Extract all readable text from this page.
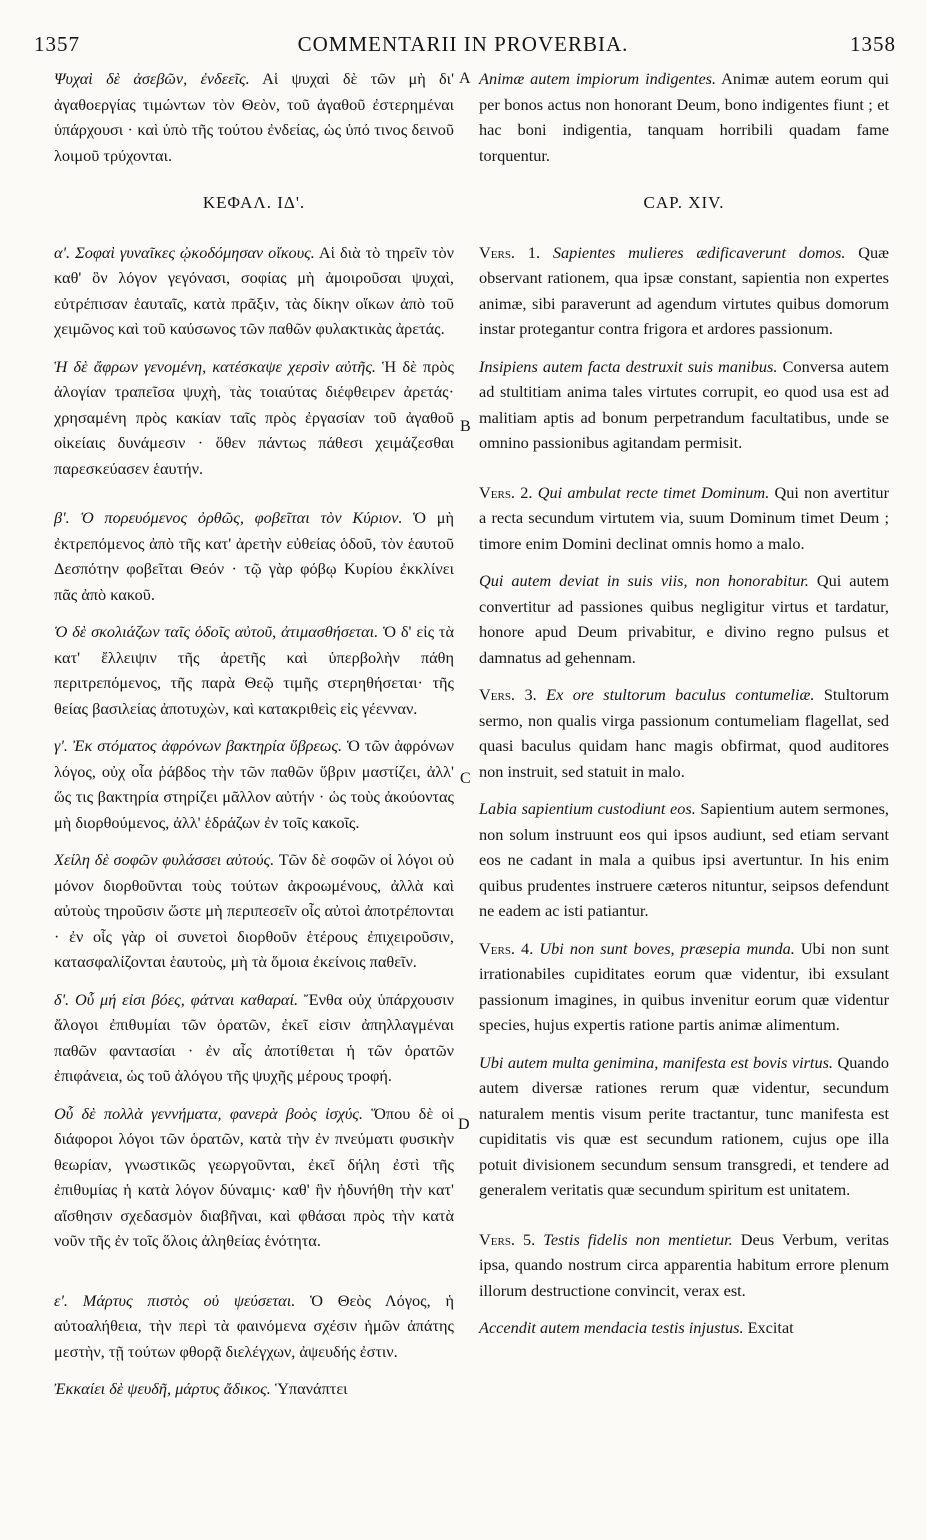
1357	COMMENTARII IN PROVERBIA.	1358
A
B
C
D

Ψυχαὶ δὲ ἀσεβῶν, ἐνδεεῖς. Αἱ ψυχαὶ δὲ τῶν μὴ δι' ἀγαθοεργίας τιμώντων τὸν Θεὸν, τοῦ ἀγαθοῦ ἐστερημέναι ὑπάρχουσι · καὶ ὑπὸ τῆς τούτου ἐνδείας, ὡς ὑπό τινος δεινοῦ λοιμοῦ τρύχονται.

ΚΕΦΑΛ. ΙΔ'.

α'. Σοφαὶ γυναῖκες ᾠκοδόμησαν οἴκους. Αἱ διὰ τὸ τηρεῖν τὸν καθ' ὃν λόγον γεγόνασι, σοφίας μὴ ἀμοιροῦσαι ψυχαὶ, εὐτρέπισαν ἑαυταῖς, κατὰ πρᾶξιν, τὰς δίκην οἴκων ἀπὸ τοῦ χειμῶνος καὶ τοῦ καύσωνος τῶν παθῶν φυλακτικὰς ἀρετάς.

Ἡ δὲ ἄφρων γενομένη, κατέσκαψε χερσὶν αὐτῆς. Ἡ δὲ πρὸς ἀλογίαν τραπεῖσα ψυχὴ, τὰς τοιαύτας διέφθειρεν ἀρετάς· χρησαμένη πρὸς κακίαν ταῖς πρὸς ἐργασίαν τοῦ ἀγαθοῦ οἰκείαις δυνάμεσιν · ὅθεν πάντως πάθεσι χειμάζεσθαι παρεσκεύασεν ἑαυτήν.

β'. Ὁ πορευόμενος ὀρθῶς, φοβεῖται τὸν Κύριον. Ὁ μὴ ἐκτρεπόμενος ἀπὸ τῆς κατ' ἀρετὴν εὐθείας ὁδοῦ, τὸν ἑαυτοῦ Δεσπότην φοβεῖται Θεόν · τῷ γὰρ φόβῳ Κυρίου ἐκκλίνει πᾶς ἀπὸ κακοῦ.

Ὁ δὲ σκολιάζων ταῖς ὁδοῖς αὐτοῦ, ἀτιμασθήσεται. Ὁ δ' εἰς τὰ κατ' ἔλλειψιν τῆς ἀρετῆς καὶ ὑπερβολὴν πάθη περιτρεπόμενος, τῆς παρὰ Θεῷ τιμῆς στερηθήσεται· τῆς θείας βασιλείας ἀποτυχὼν, καὶ κατακριθεὶς εἰς γέενναν.

γ'. Ἐκ στόματος ἀφρόνων βακτηρία ὕβρεως. Ὁ τῶν ἀφρόνων λόγος, οὐχ οἷα ῥάβδος τὴν τῶν παθῶν ὕβριν μαστίζει, ἀλλ' ὥς τις βακτηρία στηρίζει μᾶλλον αὐτήν · ὡς τοὺς ἀκούοντας μὴ διορθούμενος, ἀλλ' ἑδράζων ἐν τοῖς κακοῖς.

Χείλη δὲ σοφῶν φυλάσσει αὐτούς. Τῶν δὲ σοφῶν οἱ λόγοι οὐ μόνον διορθοῦνται τοὺς τούτων ἀκροωμένους, ἀλλὰ καὶ αὐτοὺς τηροῦσιν ὥστε μὴ περιπεσεῖν οἷς αὐτοὶ ἀποτρέπονται · ἐν οἷς γὰρ οἱ συνετοὶ διορθοῦν ἑτέρους ἐπιχειροῦσιν, κατασφαλίζονται ἑαυτοὺς, μὴ τὰ ὅμοια ἐκείνοις παθεῖν.

δ'. Οὗ μή εἰσι βόες, φάτναι καθαραί. Ἔνθα οὐχ ὑπάρχουσιν ἄλογοι ἐπιθυμίαι τῶν ὁρατῶν, ἐκεῖ εἰσιν ἀπηλλαγμέναι παθῶν φαντασίαι · ἐν αἷς ἀποτίθεται ἡ τῶν ὁρατῶν ἐπιφάνεια, ὡς τοῦ ἀλόγου τῆς ψυχῆς μέρους τροφή.

Οὗ δὲ πολλὰ γεννήματα, φανερὰ βοὸς ἰσχύς. Ὅπου δὲ οἱ διάφοροι λόγοι τῶν ὁρατῶν, κατὰ τὴν ἐν πνεύματι φυσικὴν θεωρίαν, γνωστικῶς γεωργοῦνται, ἐκεῖ δήλη ἐστὶ τῆς ἐπιθυμίας ἡ κατὰ λόγον δύναμις· καθ' ἣν ἠδυνήθη τὴν κατ' αἴσθησιν σχεδασμὸν διαβῆναι, καὶ φθάσαι πρὸς τὴν κατὰ νοῦν τῆς ἐν τοῖς ὅλοις ἀληθείας ἑνότητα.

ε'. Μάρτυς πιστὸς οὐ ψεύσεται. Ὁ Θεὸς Λόγος, ἡ αὐτοαλήθεια, τὴν περὶ τὰ φαινόμενα σχέσιν ἡμῶν ἀπάτης μεστὴν, τῇ τούτων φθορᾷ διελέγχων, ἀψευδής ἐστιν.

Ἐκκαίει δὲ ψευδῆ, μάρτυς ἄδικος. Ὑπανάπτει

Animæ autem impiorum indigentes. Animæ autem eorum qui per bonos actus non honorant Deum, bono indigentes fiunt ; et hac boni indigentia, tanquam horribili quadam fame torquentur.

CAP. XIV.

Vers. 1. Sapientes mulieres ædificaverunt domos. Quæ observant rationem, qua ipsæ constant, sapientia non expertes animæ, sibi paraverunt ad agendum virtutes quibus domorum instar protegantur contra frigora et ardores passionum.

Insipiens autem facta destruxit suis manibus. Conversa autem ad stultitiam anima tales virtutes corrupit, eo quod usa est ad malitiam aptis ad bonum perpetrandum facultatibus, unde se omnino passionibus agitandam permisit.

Vers. 2. Qui ambulat recte timet Dominum. Qui non avertitur a recta secundum virtutem via, suum Dominum timet Deum ; timore enim Domini declinat omnis homo a malo.

Qui autem deviat in suis viis, non honorabitur. Qui autem convertitur ad passiones quibus negligitur virtus et tardatur, honore apud Deum privabitur, e divino regno pulsus et damnatus ad gehennam.

Vers. 3. Ex ore stultorum baculus contumeliæ. Stultorum sermo, non qualis virga passionum contumeliam flagellat, sed quasi baculus quidam hanc magis obfirmat, quod auditores non instruit, sed statuit in malo.

Labia sapientium custodiunt eos. Sapientium autem sermones, non solum instruunt eos qui ipsos audiunt, sed etiam servant eos ne cadant in mala a quibus ipsi avertuntur. In his enim quibus prudentes instruere cæteros nituntur, seipsos defendunt ne eadem ac isti patiantur.

Vers. 4. Ubi non sunt boves, præsepia munda. Ubi non sunt irrationabiles cupiditates eorum quæ videntur, ibi exsulant passionum imagines, in quibus invenitur eorum quæ videntur species, hujus expertis ratione partis animæ alimentum.

Ubi autem multa genimina, manifesta est bovis virtus. Quando autem diversæ rationes rerum quæ videntur, secundum naturalem mentis visum perite tractantur, tunc manifesta est cupiditatis vis quæ est secundum rationem, cujus ope illa potuit divisionem secundum sensum transgredi, et tendere ad generalem veritatis quæ secundum spiritum est unitatem.

Vers. 5. Testis fidelis non mentietur. Deus Verbum, veritas ipsa, quando nostrum circa apparentia habitum errore plenum illorum destructione convincit, verax est.

Accendit autem mendacia testis injustus. Excitat
